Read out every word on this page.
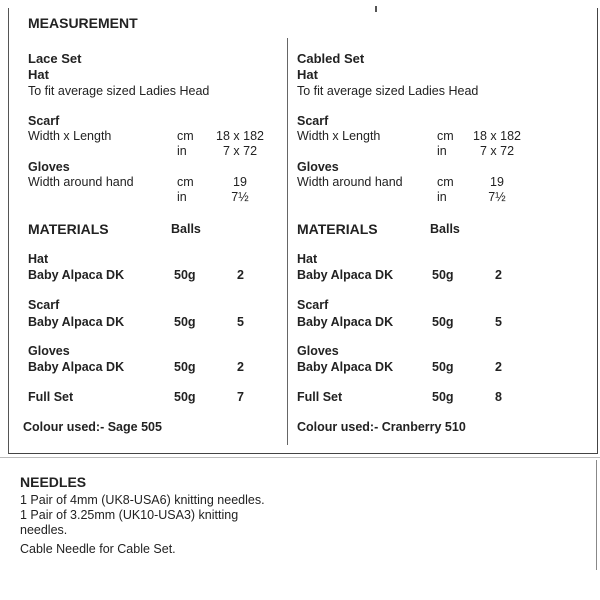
MEASUREMENT
Lace Set
Hat
To fit average sized Ladies Head
Scarf
Width x Length	cm	18 x 182
in	7 x 72
Gloves
Width around hand	cm	19
in	7½
MATERIALS	Balls
Hat
Baby Alpaca DK	50g	2
Scarf
Baby Alpaca DK	50g	5
Gloves
Baby Alpaca DK	50g	2
Full Set	50g	7
Colour used:- Sage 505
Cabled Set
Hat
To fit average sized Ladies Head
Scarf
Width x Length	cm	18 x 182
in	7 x 72
Gloves
Width around hand	cm	19
in	7½
MATERIALS	Balls
Hat
Baby Alpaca DK	50g	2
Scarf
Baby Alpaca DK	50g	5
Gloves
Baby Alpaca DK	50g	2
Full Set	50g	8
Colour used:- Cranberry 510
NEEDLES
1 Pair of 4mm (UK8-USA6) knitting needles.
1 Pair of 3.25mm (UK10-USA3) knitting
needles.
Cable Needle for Cable Set.
